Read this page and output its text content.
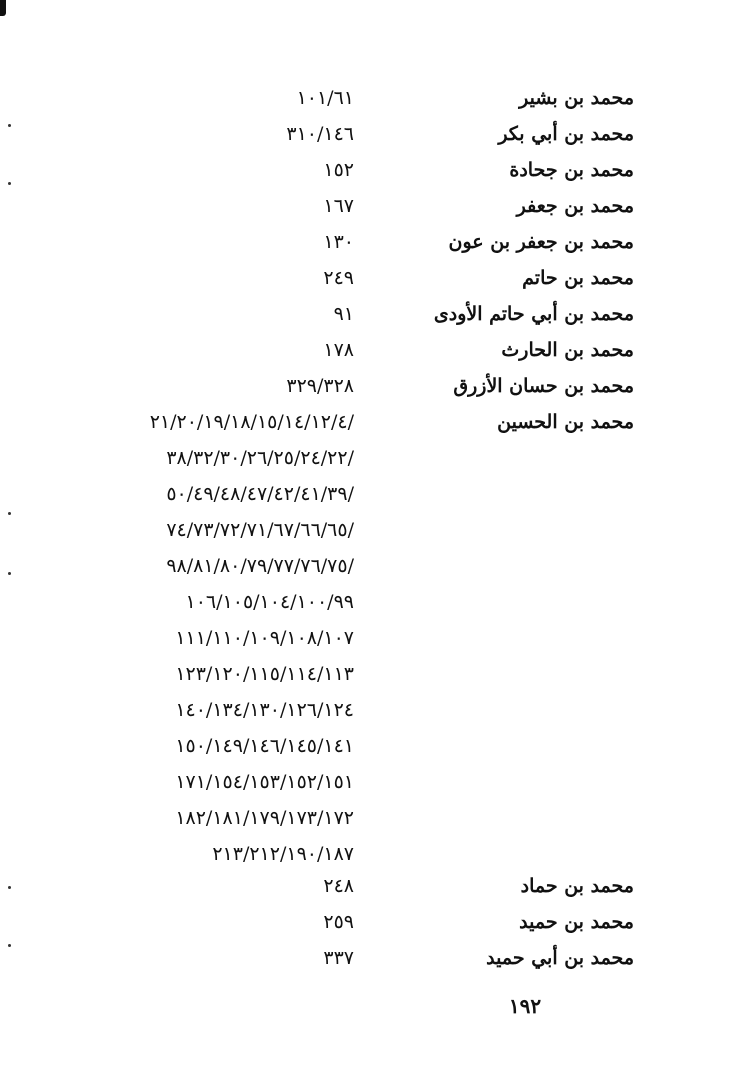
محمد بن بشير
١٠١/٦١
محمد بن أبي بكر
٣١٠/١٤٦
محمد بن جحادة
١٥٢
محمد بن جعفر
١٦٧
محمد بن جعفر بن عون
١٣٠
محمد بن حاتم
٢٤٩
محمد بن أبي حاتم الأودى
٩١
محمد بن الحارث
١٧٨
محمد بن حسان الأزرق
٣٢٩/٣٢٨
محمد بن الحسين
/٢١/٢٠/١٩/١٨/١٥/١٤/١٢/٤
/٣٨/٣٢/٣٠/٢٦/٢٥/٢٤/٢٢
/٥٠/٤٩/٤٨/٤٧/٤٢/٤١/٣٩
/٧٤/٧٣/٧٢/٧١/٦٧/٦٦/٦٥
/٩٨/٨١/٨٠/٧٩/٧٧/٧٦/٧٥
١٠٦/١٠٥/١٠٤/١٠٠/٩٩
١١١/١١٠/١٠٩/١٠٨/١٠٧
١٢٣/١٢٠/١١٥/١١٤/١١٣
١٤٠/١٣٤/١٣٠/١٢٦/١٢٤
١٥٠/١٤٩/١٤٦/١٤٥/١٤١
١٧١/١٥٤/١٥٣/١٥٢/١٥١
١٨٢/١٨١/١٧٩/١٧٣/١٧٢
٢١٣/٢١٢/١٩٠/١٨٧
محمد بن حماد
٢٤٨
محمد بن حميد
٢٥٩
محمد بن أبي حميد
٣٣٧
١٩٢
